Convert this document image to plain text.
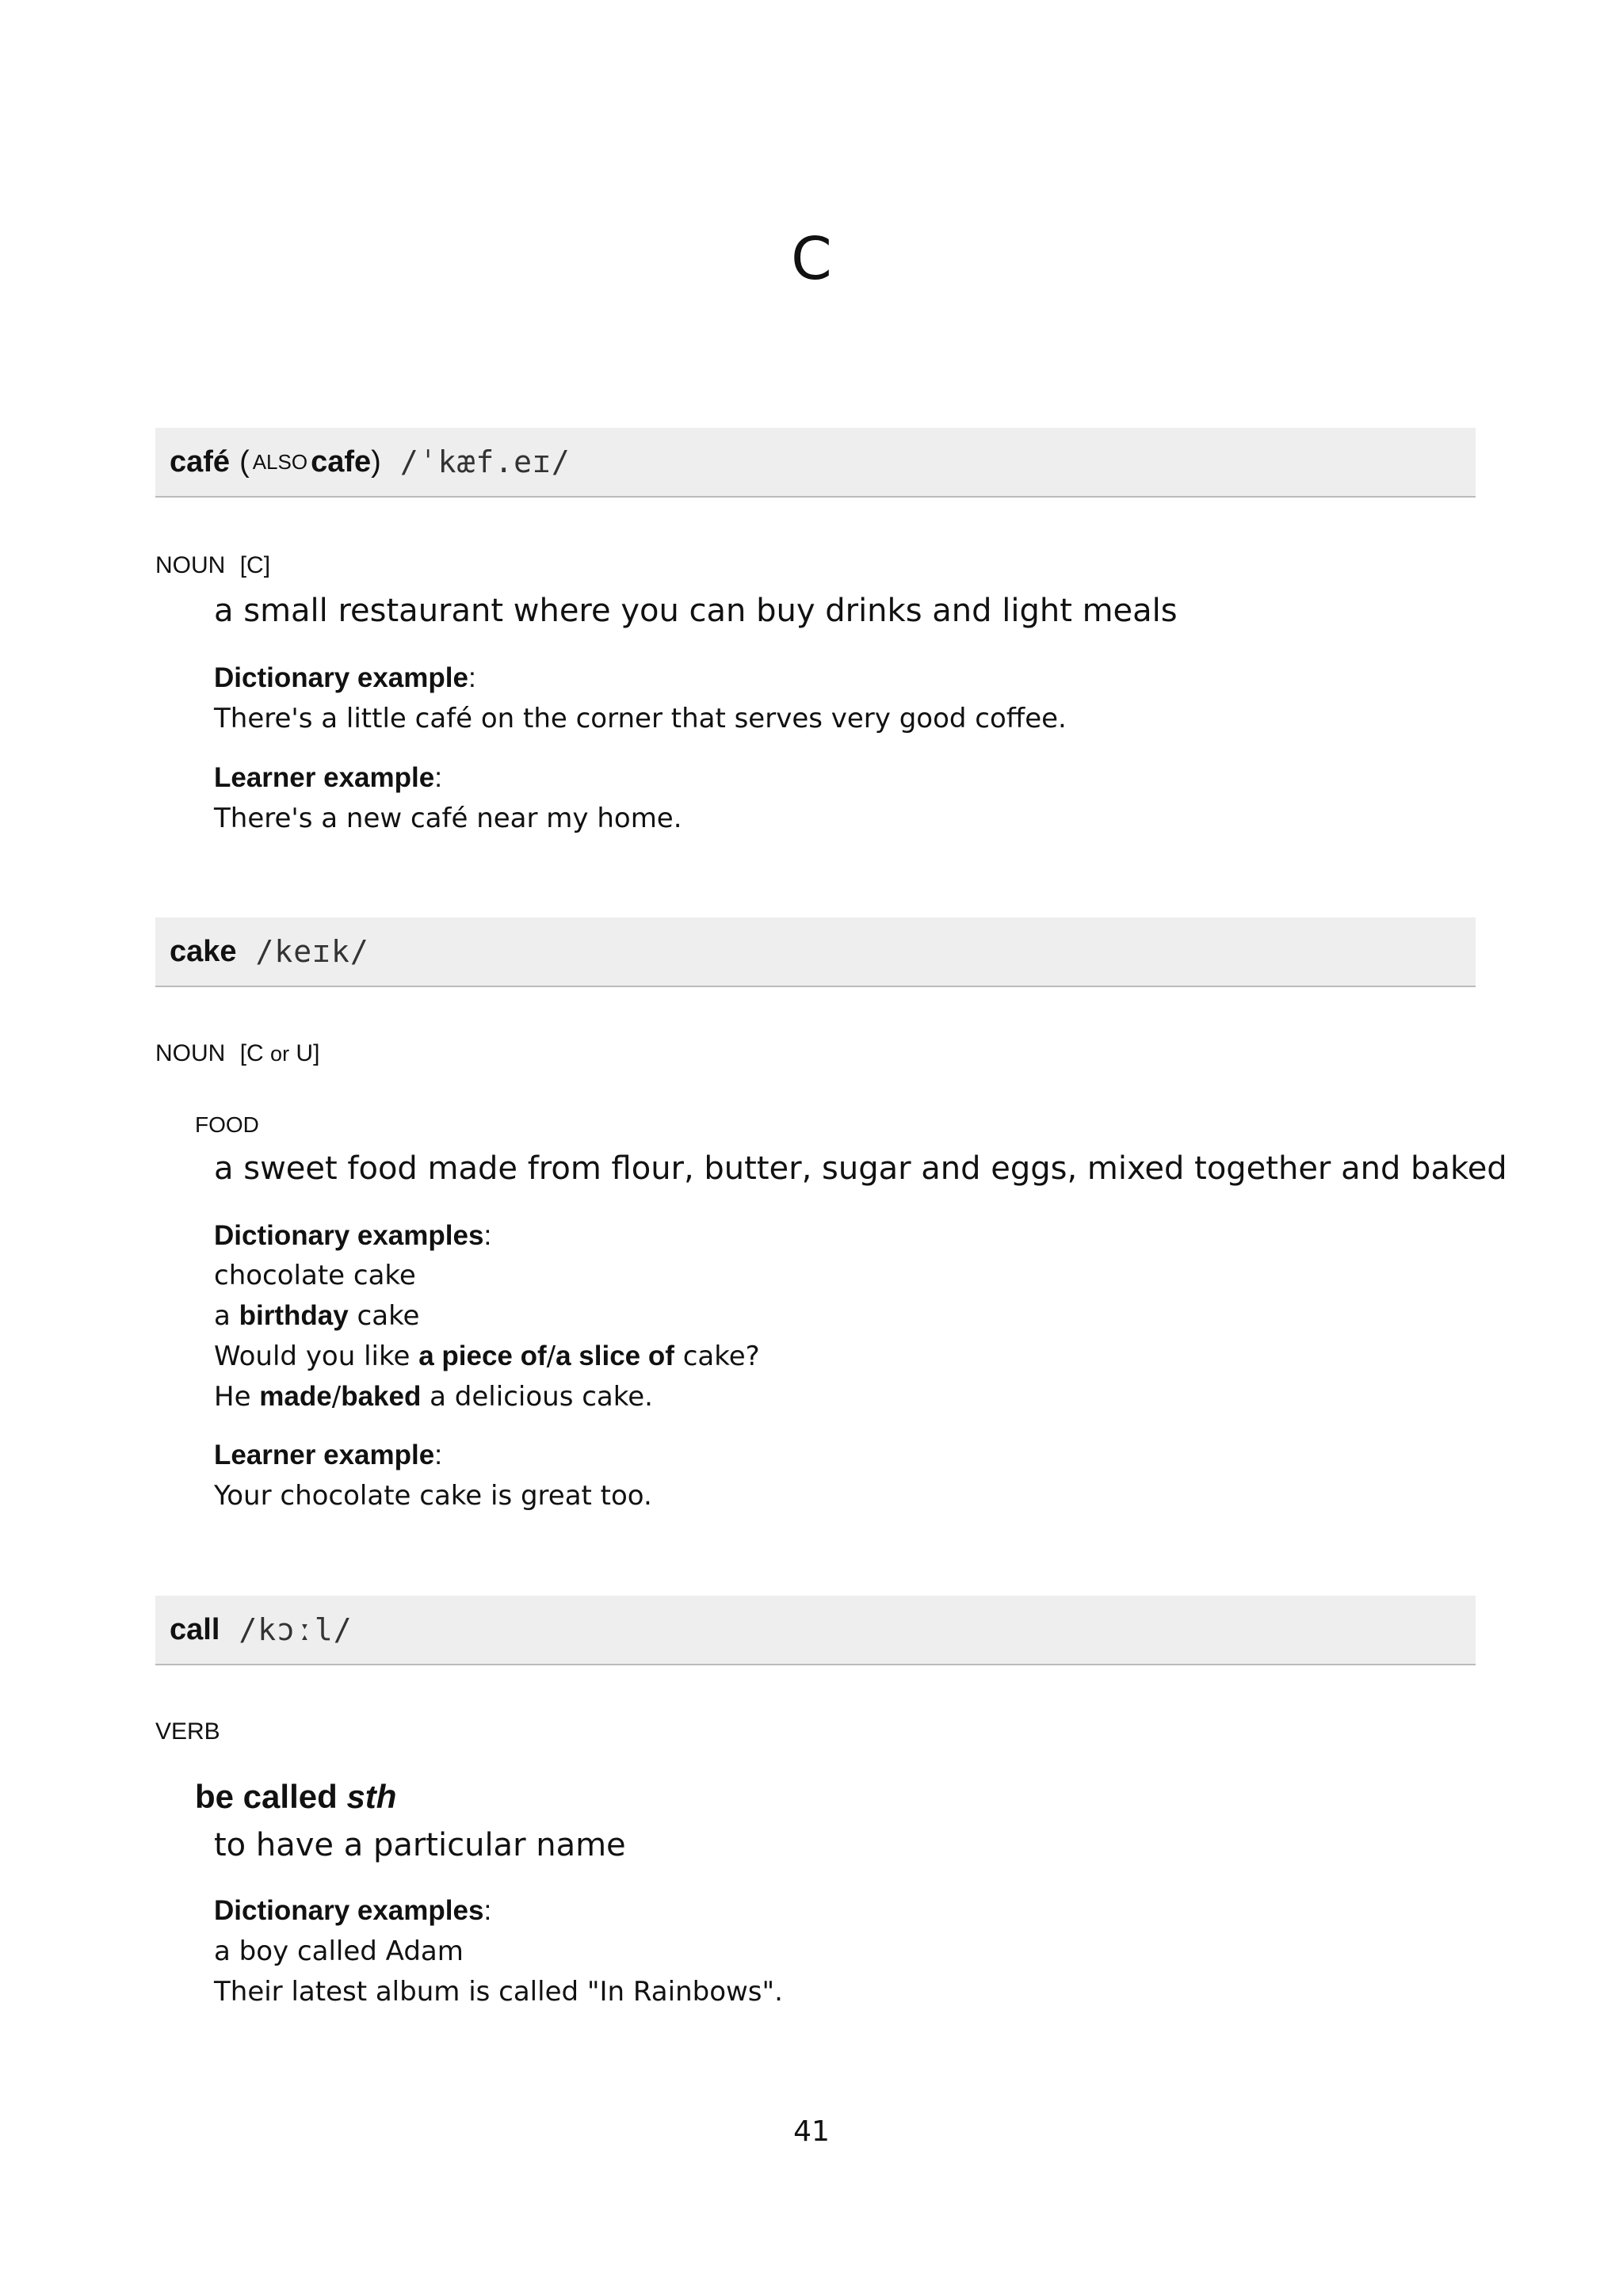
C
café ( ALSO cafe ) /ˈkæf.eɪ/
NOUN [C]
a small restaurant where you can buy drinks and light meals
Dictionary example:
There's a little café on the corner that serves very good coffee.
Learner example:
There's a new café near my home.
cake /keɪk/
NOUN [C or U]
FOOD
a sweet food made from flour, butter, sugar and eggs, mixed together and baked
Dictionary examples:
chocolate cake
a birthday cake
Would you like a piece of/a slice of cake?
He made/baked a delicious cake.
Learner example:
Your chocolate cake is great too.
call /kɔːl/
VERB
be called sth
to have a particular name
Dictionary examples:
a boy called Adam
Their latest album is called "In Rainbows".
41
